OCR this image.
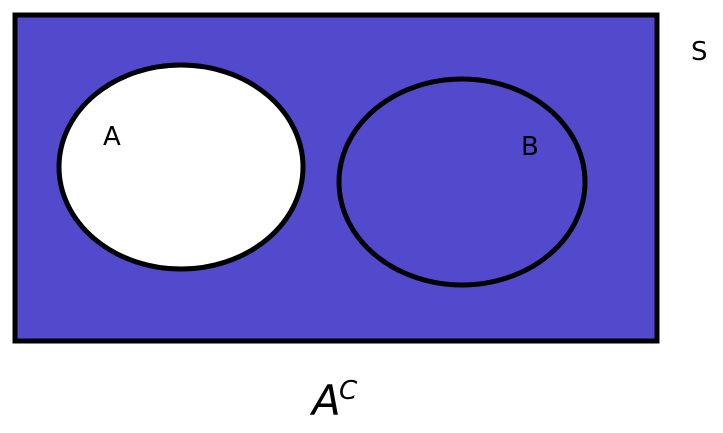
A	B
S
A
C
